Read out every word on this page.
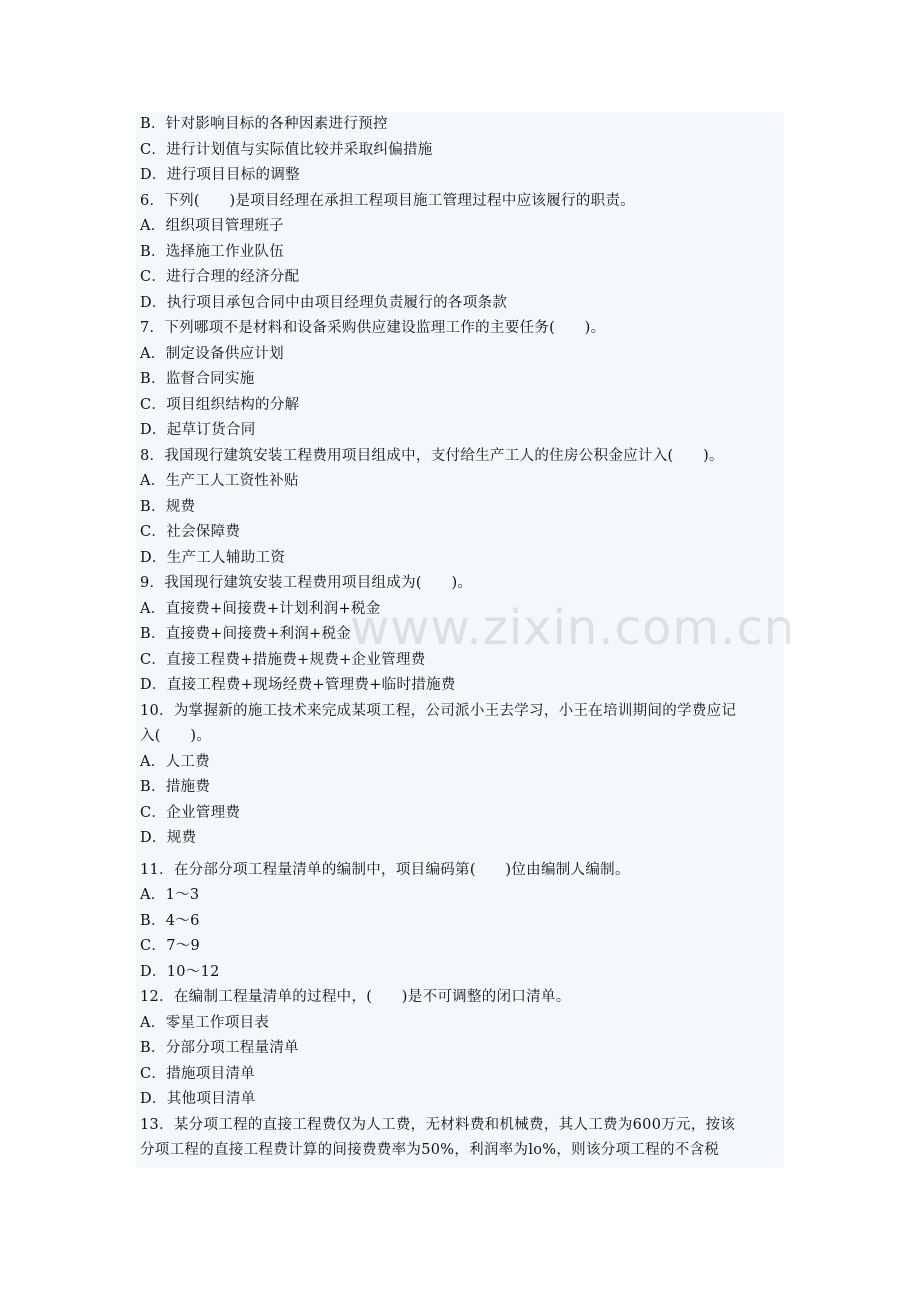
B．针对影响目标的各种因素进行预控
C．进行计划值与实际值比较并采取纠偏措施
D．进行项目目标的调整
6．下列(　　)是项目经理在承担工程项目施工管理过程中应该履行的职责。
A．组织项目管理班子
B．选择施工作业队伍
C．进行合理的经济分配
D．执行项目承包合同中由项目经理负责履行的各项条款
7．下列哪项不是材料和设备采购供应建设监理工作的主要任务(　　)。
A．制定设备供应计划
B．监督合同实施
C．项目组织结构的分解
D．起草订货合同
8．我国现行建筑安装工程费用项目组成中，支付给生产工人的住房公积金应计入(　　)。
A．生产工人工资性补贴
B．规费
C．社会保障费
D．生产工人辅助工资
9．我国现行建筑安装工程费用项目组成为(　　)。
A．直接费+间接费+计划利润+税金
B．直接费+间接费+利润+税金
C．直接工程费+措施费+规费+企业管理费
D．直接工程费+现场经费+管理费+临时措施费
10．为掌握新的施工技术来完成某项工程，公司派小王去学习，小王在培训期间的学费应记
入(　　)。
A．人工费
B．措施费
C．企业管理费
D．规费
11．在分部分项工程量清单的编制中，项目编码第(　　)位由编制人编制。
A．1～3
B．4～6
C．7～9
D．10～12
12．在编制工程量清单的过程中，(　　)是不可调整的闭口清单。
A．零星工作项目表
B．分部分项工程量清单
C．措施项目清单
D．其他项目清单
13．某分项工程的直接工程费仅为人工费，无材料费和机械费，其人工费为600万元，按该
分项工程的直接工程费计算的间接费费率为50%，利润率为lo%，则该分项工程的不含税
www.zixin.com.cn
